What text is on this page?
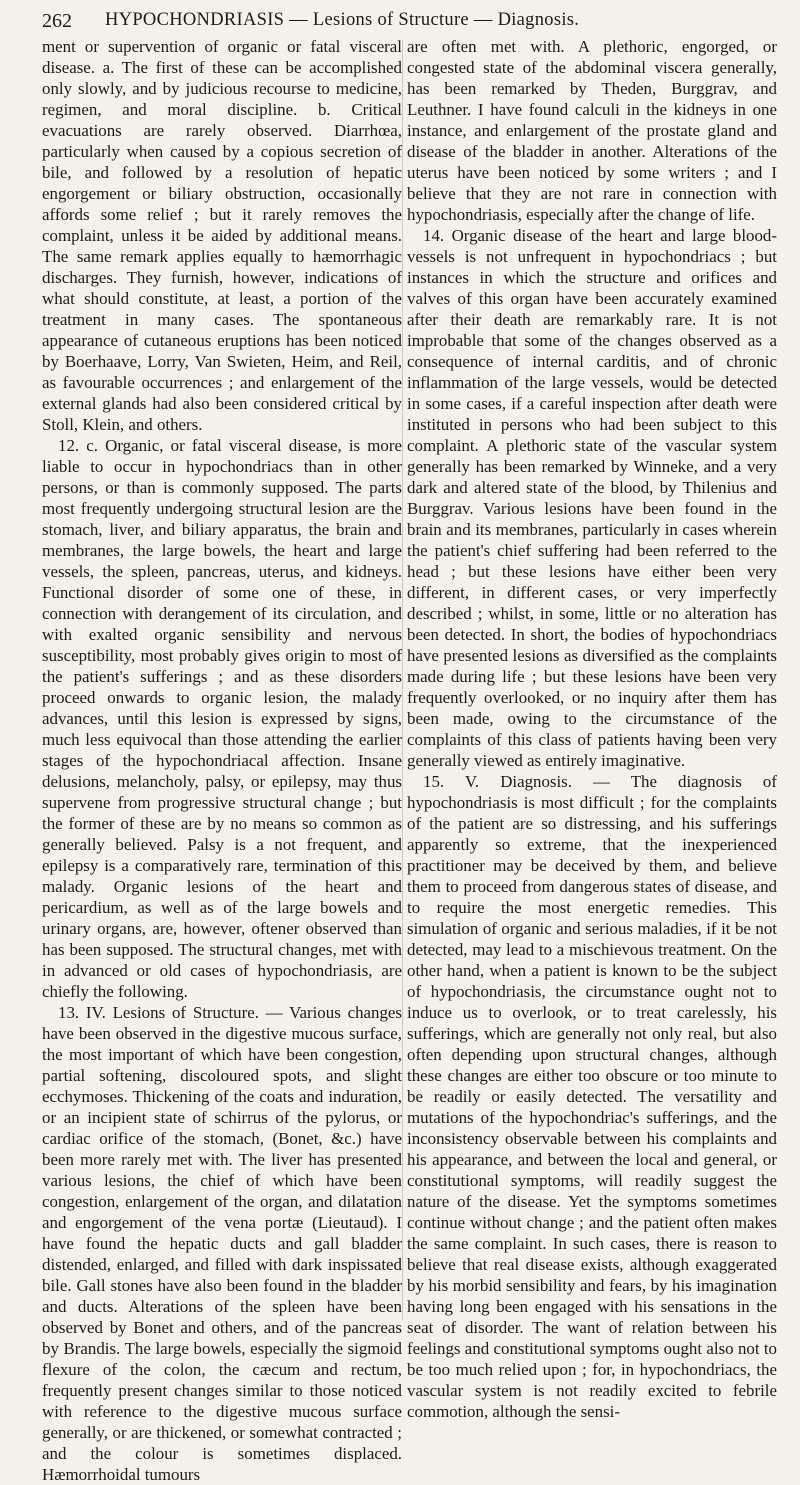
262 HYPOCHONDRIASIS — Lesions of Structure — Diagnosis.

ment or supervention of organic or fatal visceral disease. a. The first of these can be accomplished only slowly, and by judicious recourse to medicine, regimen, and moral discipline. b. Critical evacuations are rarely observed. Diarrhœa, particularly when caused by a copious secretion of bile, and followed by a resolution of hepatic engorgement or biliary obstruction, occasionally affords some relief ; but it rarely removes the complaint, unless it be aided by additional means. The same remark applies equally to hæmorrhagic discharges. They furnish, however, indications of what should constitute, at least, a portion of the treatment in many cases. The spontaneous appearance of cutaneous eruptions has been noticed by Boerhaave, Lorry, Van Swieten, Heim, and Reil, as favourable occurrences ; and enlargement of the external glands had also been considered critical by Stoll, Klein, and others.

12. c. Organic, or fatal visceral disease, is more liable to occur in hypochondriacs than in other persons, or than is commonly supposed. The parts most frequently undergoing structural lesion are the stomach, liver, and biliary apparatus, the brain and membranes, the large bowels, the heart and large vessels, the spleen, pancreas, uterus, and kidneys. Functional disorder of some one of these, in connection with derangement of its circulation, and with exalted organic sensibility and nervous susceptibility, most probably gives origin to most of the patient's sufferings ; and as these disorders proceed onwards to organic lesion, the malady advances, until this lesion is expressed by signs, much less equivocal than those attending the earlier stages of the hypochondriacal affection. Insane delusions, melancholy, palsy, or epilepsy, may thus supervene from progressive structural change ; but the former of these are by no means so common as generally believed. Palsy is a not frequent, and epilepsy is a comparatively rare, termination of this malady. Organic lesions of the heart and pericardium, as well as of the large bowels and urinary organs, are, however, oftener observed than has been supposed. The structural changes, met with in advanced or old cases of hypochondriasis, are chiefly the following.

13. IV. Lesions of Structure. — Various changes have been observed in the digestive mucous surface, the most important of which have been congestion, partial softening, discoloured spots, and slight ecchymoses. Thickening of the coats and induration, or an incipient state of schirrus of the pylorus, or cardiac orifice of the stomach, (Bonet, &c.) have been more rarely met with. The liver has presented various lesions, the chief of which have been congestion, enlargement of the organ, and dilatation and engorgement of the vena portæ (Lieutaud). I have found the hepatic ducts and gall bladder distended, enlarged, and filled with dark inspissated bile. Gall stones have also been found in the bladder and ducts. Alterations of the spleen have been observed by Bonet and others, and of the pancreas by Brandis. The large bowels, especially the sigmoid flexure of the colon, the cæcum and rectum, frequently present changes similar to those noticed with reference to the digestive mucous surface generally, or are thickened, or somewhat contracted ; and the colour is sometimes displaced. Hæmorrhoidal tumours

are often met with. A plethoric, engorged, or congested state of the abdominal viscera generally, has been remarked by Theden, Burggrav, and Leuthner. I have found calculi in the kidneys in one instance, and enlargement of the prostate gland and disease of the bladder in another. Alterations of the uterus have been noticed by some writers ; and I believe that they are not rare in connection with hypochondriasis, especially after the change of life.

14. Organic disease of the heart and large blood-vessels is not unfrequent in hypochondriacs ; but instances in which the structure and orifices and valves of this organ have been accurately examined after their death are remarkably rare. It is not improbable that some of the changes observed as a consequence of internal carditis, and of chronic inflammation of the large vessels, would be detected in some cases, if a careful inspection after death were instituted in persons who had been subject to this complaint. A plethoric state of the vascular system generally has been remarked by Winneke, and a very dark and altered state of the blood, by Thilenius and Burggrav. Various lesions have been found in the brain and its membranes, particularly in cases wherein the patient's chief suffering had been referred to the head ; but these lesions have either been very different, in different cases, or very imperfectly described ; whilst, in some, little or no alteration has been detected. In short, the bodies of hypochondriacs have presented lesions as diversified as the complaints made during life ; but these lesions have been very frequently overlooked, or no inquiry after them has been made, owing to the circumstance of the complaints of this class of patients having been very generally viewed as entirely imaginative.

15. V. Diagnosis. — The diagnosis of hypochondriasis is most difficult ; for the complaints of the patient are so distressing, and his sufferings apparently so extreme, that the inexperienced practitioner may be deceived by them, and believe them to proceed from dangerous states of disease, and to require the most energetic remedies. This simulation of organic and serious maladies, if it be not detected, may lead to a mischievous treatment. On the other hand, when a patient is known to be the subject of hypochondriasis, the circumstance ought not to induce us to overlook, or to treat carelessly, his sufferings, which are generally not only real, but also often depending upon structural changes, although these changes are either too obscure or too minute to be readily or easily detected. The versatility and mutations of the hypochondriac's sufferings, and the inconsistency observable between his complaints and his appearance, and between the local and general, or constitutional symptoms, will readily suggest the nature of the disease. Yet the symptoms sometimes continue without change ; and the patient often makes the same complaint. In such cases, there is reason to believe that real disease exists, although exaggerated by his morbid sensibility and fears, by his imagination having long been engaged with his sensations in the seat of disorder. The want of relation between his feelings and constitutional symptoms ought also not to be too much relied upon ; for, in hypochondriacs, the vascular system is not readily excited to febrile commotion, although the sensi-
